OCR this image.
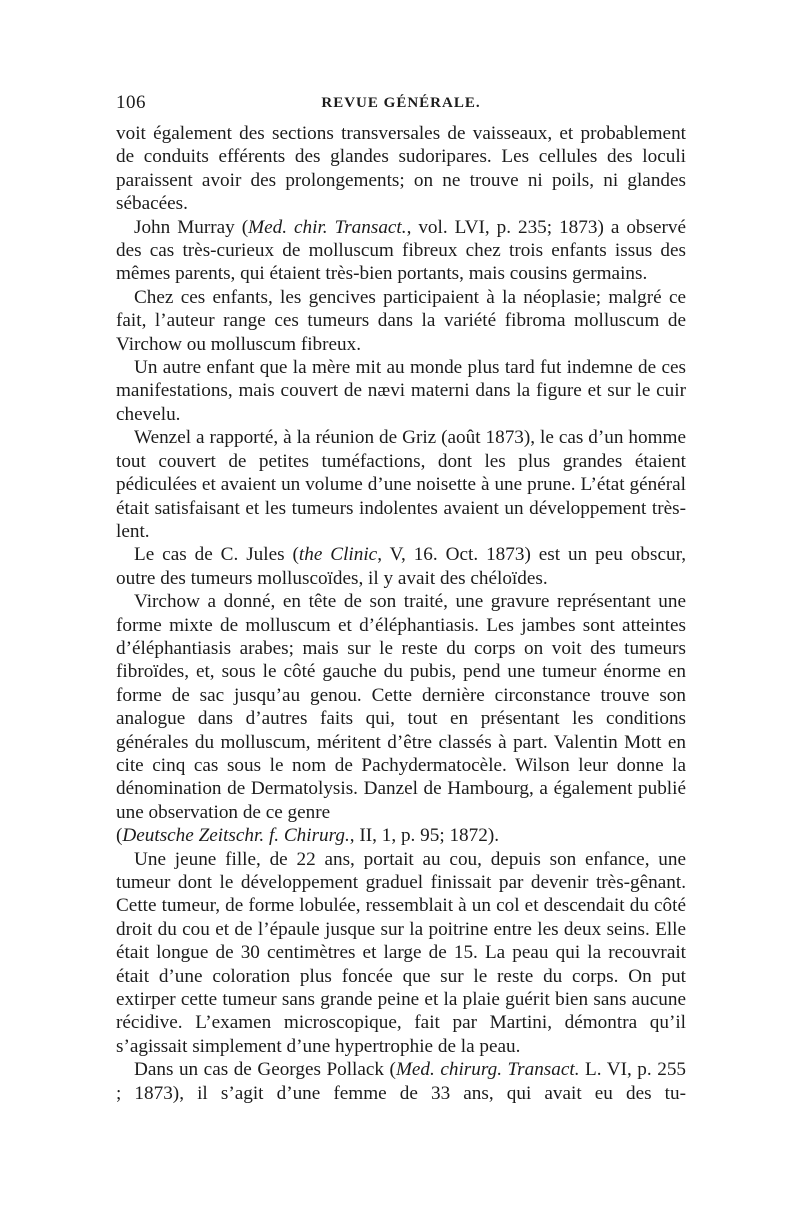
106	REVUE GÉNÉRALE.

voit également des sections transversales de vaisseaux, et probablement de conduits efférents des glandes sudoripares. Les cellules des loculi paraissent avoir des prolongements; on ne trouve ni poils, ni glandes sébacées.

John Murray (Med. chir. Transact., vol. LVI, p. 235; 1873) a observé des cas très-curieux de molluscum fibreux chez trois enfants issus des mêmes parents, qui étaient très-bien portants, mais cousins germains.

Chez ces enfants, les gencives participaient à la néoplasie; malgré ce fait, l’auteur range ces tumeurs dans la variété fibroma molluscum de Virchow ou molluscum fibreux.

Un autre enfant que la mère mit au monde plus tard fut indemne de ces manifestations, mais couvert de nævi materni dans la figure et sur le cuir chevelu.

Wenzel a rapporté, à la réunion de Griz (août 1873), le cas d’un homme tout couvert de petites tuméfactions, dont les plus grandes étaient pédiculées et avaient un volume d’une noisette à une prune. L’état général était satisfaisant et les tumeurs indolentes avaient un développement très-lent.

Le cas de C. Jules (the Clinic, V, 16. Oct. 1873) est un peu obscur, outre des tumeurs molluscoïdes, il y avait des chéloïdes.

Virchow a donné, en tête de son traité, une gravure représentant une forme mixte de molluscum et d’éléphantiasis. Les jambes sont atteintes d’éléphantiasis arabes; mais sur le reste du corps on voit des tumeurs fibroïdes, et, sous le côté gauche du pubis, pend une tumeur énorme en forme de sac jusqu’au genou. Cette dernière circonstance trouve son analogue dans d’autres faits qui, tout en présentant les conditions générales du molluscum, méritent d’être classés à part. Valentin Mott en cite cinq cas sous le nom de Pachydermatocèle. Wilson leur donne la dénomination de Dermatolysis. Danzel de Hambourg, a également publié une observation de ce genre

(Deutsche Zeitschr. f. Chirurg., II, 1, p. 95; 1872).

Une jeune fille, de 22 ans, portait au cou, depuis son enfance, une tumeur dont le développement graduel finissait par devenir très-gênant. Cette tumeur, de forme lobulée, ressemblait à un col et descendait du côté droit du cou et de l’épaule jusque sur la poitrine entre les deux seins. Elle était longue de 30 centimètres et large de 15. La peau qui la recouvrait était d’une coloration plus foncée que sur le reste du corps. On put extirper cette tumeur sans grande peine et la plaie guérit bien sans aucune récidive. L’examen microscopique, fait par Martini, démontra qu’il s’agissait simplement d’une hypertrophie de la peau.

Dans un cas de Georges Pollack (Med. chirurg. Transact. L. VI, p. 255 ; 1873), il s’agit d’une femme de 33 ans, qui avait eu des tu-
